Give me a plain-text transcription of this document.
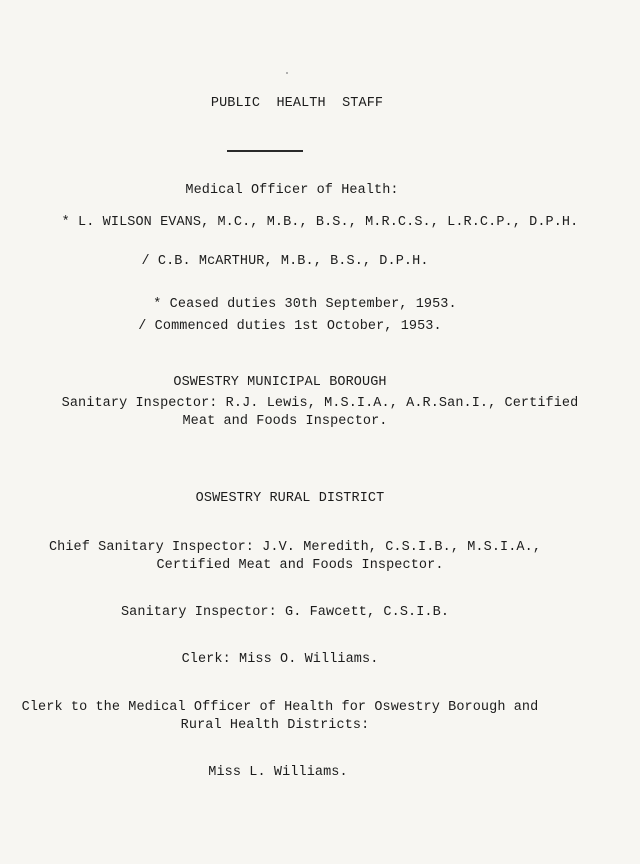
PUBLIC  HEALTH  STAFF
Medical Officer of Health:
* L. WILSON EVANS, M.C., M.B., B.S., M.R.C.S., L.R.C.P., D.P.H.
/ C.B. McARTHUR, M.B., B.S., D.P.H.
* Ceased duties 30th September, 1953.
/ Commenced duties 1st October, 1953.
OSWESTRY MUNICIPAL BOROUGH
Sanitary Inspector: R.J. Lewis, M.S.I.A., A.R.San.I., Certified
Meat and Foods Inspector.
OSWESTRY RURAL DISTRICT
Chief Sanitary Inspector: J.V. Meredith, C.S.I.B., M.S.I.A.,
Certified Meat and Foods Inspector.
Sanitary Inspector: G. Fawcett, C.S.I.B.
Clerk: Miss O. Williams.
Clerk to the Medical Officer of Health for Oswestry Borough and
Rural Health Districts:
Miss L. Williams.
